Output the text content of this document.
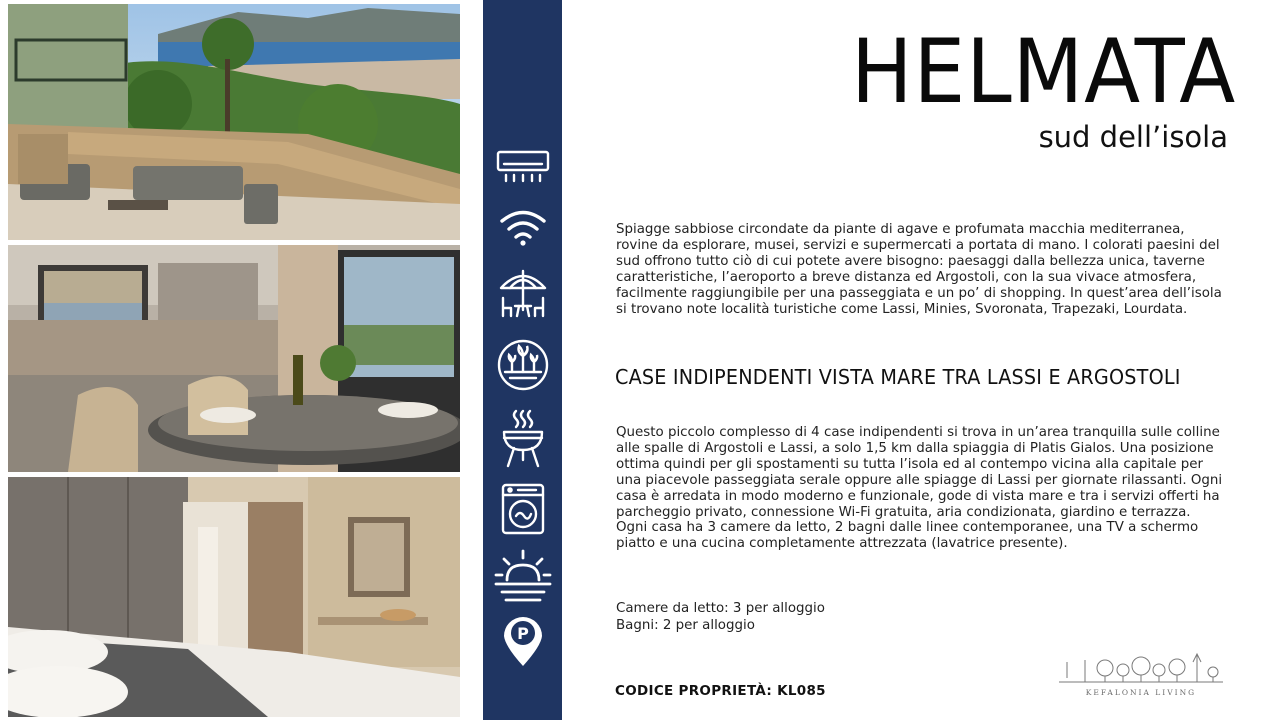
P
HELMATA
sud dell’isola
Spiagge sabbiose circondate da piante di agave e profumata macchia mediterranea,
rovine da esplorare, musei, servizi e supermercati a portata di mano. I colorati paesini del
sud offrono tutto ciò di cui potete avere bisogno: paesaggi dalla bellezza unica, taverne
caratteristiche, l’aeroporto a breve distanza ed Argostoli, con la sua vivace atmosfera,
facilmente raggiungibile per una passeggiata e un po’ di shopping. In quest’area dell’isola
si trovano note località turistiche come Lassi, Minies, Svoronata, Trapezaki, Lourdata.
CASE INDIPENDENTI VISTA MARE TRA LASSI E ARGOSTOLI
Questo piccolo complesso di 4 case indipendenti si trova in un’area tranquilla sulle colline
alle spalle di Argostoli e Lassi, a solo 1,5 km dalla spiaggia di Platis Gialos. Una posizione
ottima quindi per gli spostamenti su tutta l’isola ed al contempo vicina alla capitale per
una piacevole passeggiata serale oppure alle spiagge di Lassi per giornate rilassanti. Ogni
casa è arredata in modo moderno e funzionale, gode di vista mare e tra i servizi offerti ha
parcheggio privato, connessione Wi-Fi gratuita, aria condizionata, giardino e terrazza.
Ogni casa ha 3 camere da letto, 2 bagni dalle linee contemporanee, una TV a schermo
piatto e una cucina completamente attrezzata (lavatrice presente).
Camere da letto: 3 per alloggio
Bagni: 2 per alloggio
CODICE PROPRIETÀ: KL085	KEFALONIA LIVING
